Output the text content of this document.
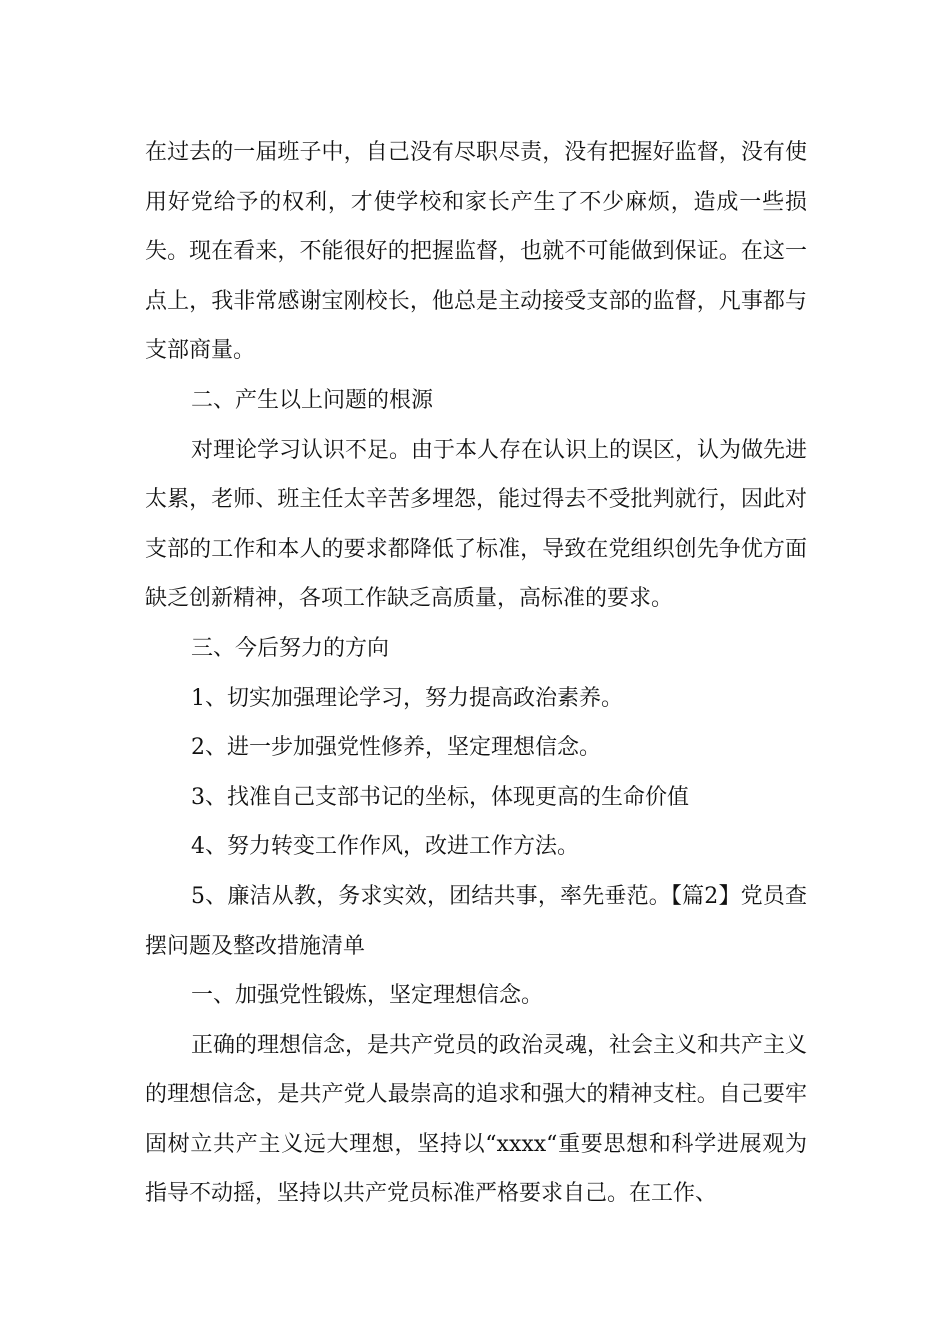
在过去的一届班子中，自己没有尽职尽责，没有把握好监督，没有使用好党给予的权利，才使学校和家长产生了不少麻烦，造成一些损失。现在看来，不能很好的把握监督，也就不可能做到保证。在这一点上，我非常感谢宝刚校长，他总是主动接受支部的监督，凡事都与支部商量。

二、产生以上问题的根源

对理论学习认识不足。由于本人存在认识上的误区，认为做先进太累，老师、班主任太辛苦多埋怨，能过得去不受批判就行，因此对支部的工作和本人的要求都降低了标准，导致在党组织创先争优方面缺乏创新精神，各项工作缺乏高质量，高标准的要求。

三、今后努力的方向

1、切实加强理论学习，努力提高政治素养。

2、进一步加强党性修养，坚定理想信念。

3、找准自己支部书记的坐标，体现更高的生命价值

4、努力转变工作作风，改进工作方法。

5、廉洁从教，务求实效，团结共事，率先垂范。【篇2】党员查摆问题及整改措施清单

一、加强党性锻炼，坚定理想信念。

正确的理想信念，是共产党员的政治灵魂，社会主义和共产主义的理想信念，是共产党人最崇高的追求和强大的精神支柱。自己要牢固树立共产主义远大理想，坚持以“xxxx“重要思想和科学进展观为指导不动摇，坚持以共产党员标准严格要求自己。在工作、
